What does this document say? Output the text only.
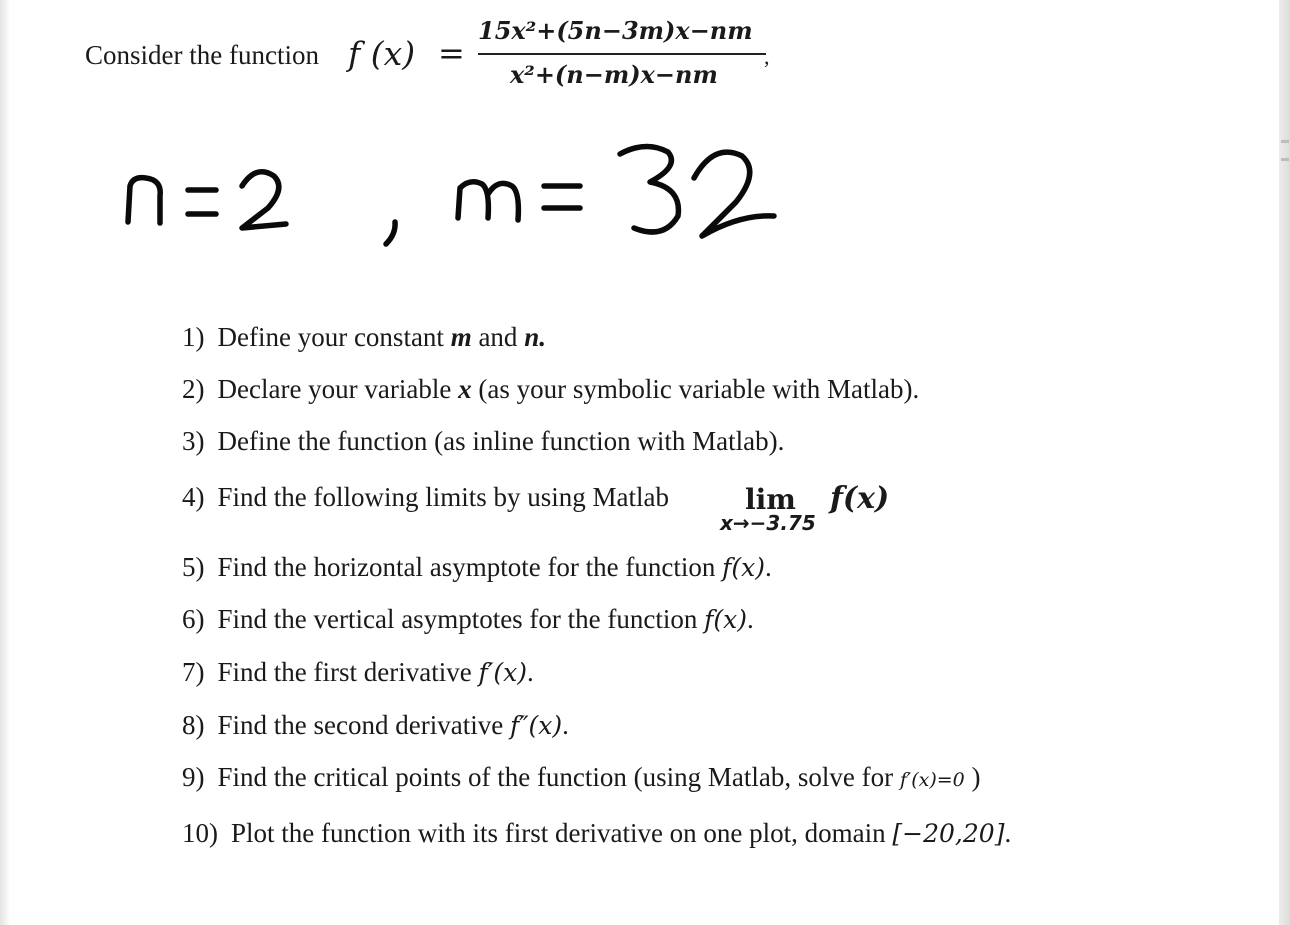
Consider the function f (x) =
15x²+(5n−3m)x−nm
x²+(n−m)x−nm
,
1) Define your constant m and n.
2) Declare your variable x (as your symbolic variable with Matlab).
3) Define the function (as inline function with Matlab).
4) Find the following limits by using Matlab	lim
x→−3.75
f(x)
5) Find the horizontal asymptote for the function f(x).
6) Find the vertical asymptotes for the function f(x).
7) Find the first derivative f′(x).
8) Find the second derivative f″(x).
9) Find the critical points of the function (using Matlab, solve for f′(x)=0 )
10) Plot the function with its first derivative on one plot, domain [−20,20].
